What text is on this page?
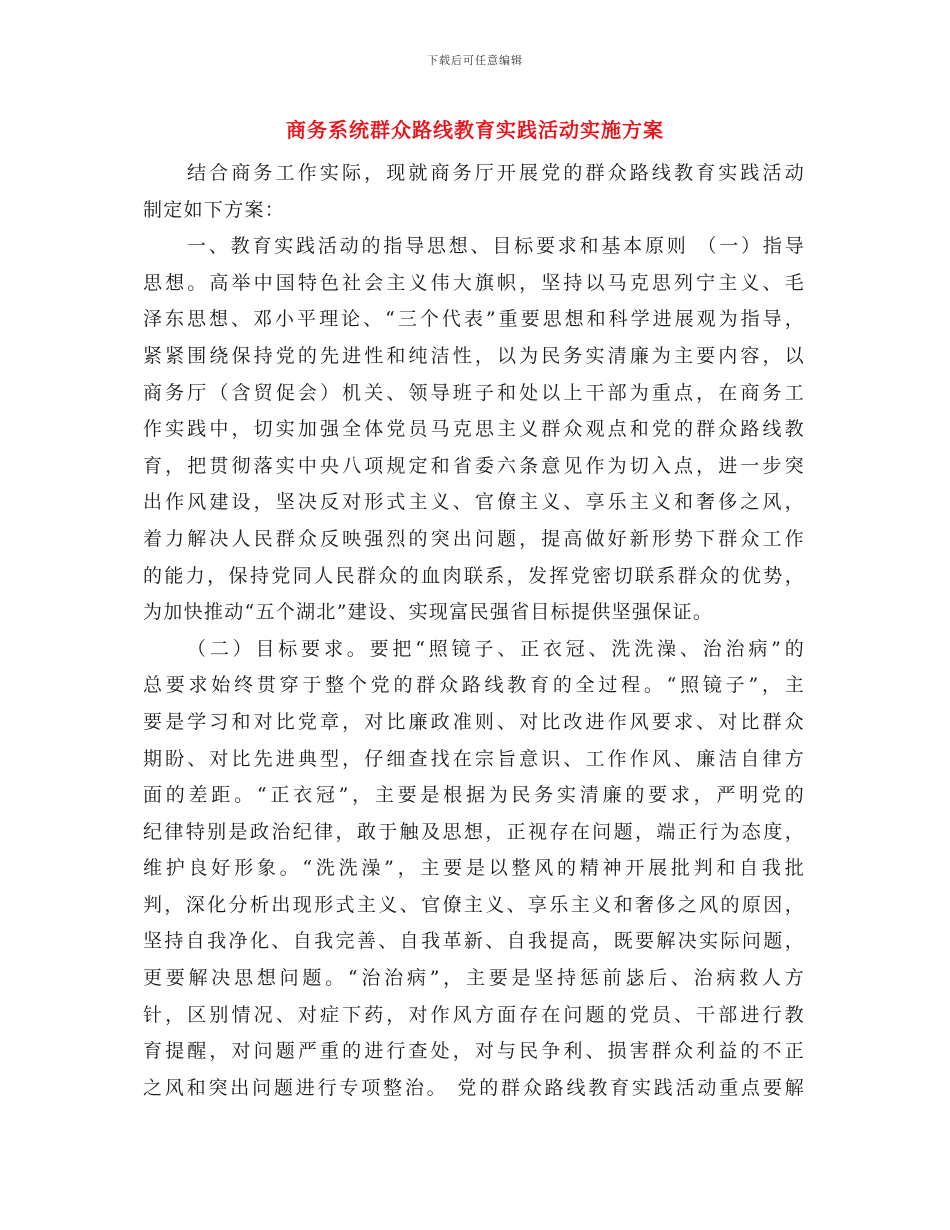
下载后可任意编辑
商务系统群众路线教育实践活动实施方案
结合商务工作实际，现就商务厅开展党的群众路线教育实践活动
制定如下方案：
一、教育实践活动的指导思想、目标要求和基本原则 （一）指导
思想。高举中国特色社会主义伟大旗帜，坚持以马克思列宁主义、毛
泽东思想、邓小平理论、“三个代表”重要思想和科学进展观为指导，
紧紧围绕保持党的先进性和纯洁性，以为民务实清廉为主要内容，以
商务厅（含贸促会）机关、领导班子和处以上干部为重点，在商务工
作实践中，切实加强全体党员马克思主义群众观点和党的群众路线教
育，把贯彻落实中央八项规定和省委六条意见作为切入点，进一步突
出作风建设，坚决反对形式主义、官僚主义、享乐主义和奢侈之风，
着力解决人民群众反映强烈的突出问题，提高做好新形势下群众工作
的能力，保持党同人民群众的血肉联系，发挥党密切联系群众的优势，
为加快推动“五个湖北”建设、实现富民强省目标提供坚强保证。
（二）目标要求。要把“照镜子、正衣冠、洗洗澡、治治病”的
总要求始终贯穿于整个党的群众路线教育的全过程。“照镜子”，主
要是学习和对比党章，对比廉政准则、对比改进作风要求、对比群众
期盼、对比先进典型，仔细查找在宗旨意识、工作作风、廉洁自律方
面的差距。“正衣冠”，主要是根据为民务实清廉的要求，严明党的
纪律特别是政治纪律，敢于触及思想，正视存在问题，端正行为态度，
维护良好形象。“洗洗澡”，主要是以整风的精神开展批判和自我批
判，深化分析出现形式主义、官僚主义、享乐主义和奢侈之风的原因，
坚持自我净化、自我完善、自我革新、自我提高，既要解决实际问题，
更要解决思想问题。“治治病”，主要是坚持惩前毖后、治病救人方
针，区别情况、对症下药，对作风方面存在问题的党员、干部进行教
育提醒，对问题严重的进行查处，对与民争利、损害群众利益的不正
之风和突出问题进行专项整治。 党的群众路线教育实践活动重点要解
